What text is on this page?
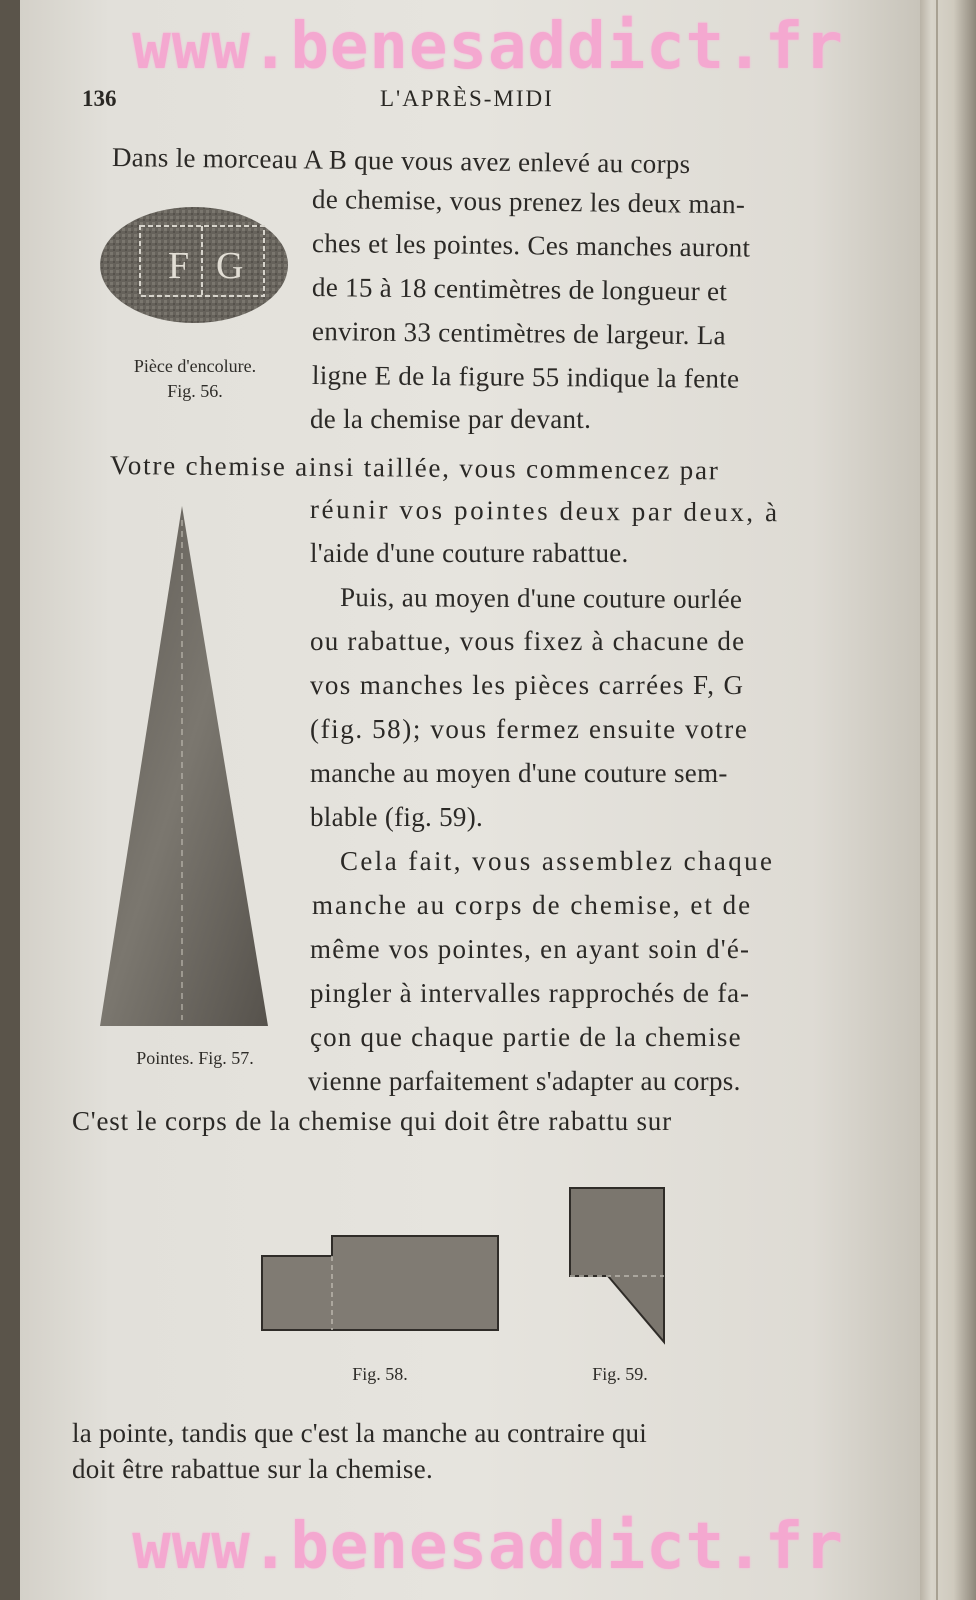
136	L'APRÈS-MIDI
Dans le morceau A B que vous avez enlevé au corps
de chemise, vous prenez les deux man-
ches et les pointes. Ces manches auront
de 15 à 18 centimètres de longueur et
environ 33 centimètres de largeur. La
ligne E de la figure 55 indique la fente
de la chemise par devant.
Votre chemise ainsi taillée, vous commencez par
réunir vos pointes deux par deux, à
l'aide d'une couture rabattue.
Puis, au moyen d'une couture ourlée
ou rabattue, vous fixez à chacune de
vos manches les pièces carrées F, G
(fig. 58); vous fermez ensuite votre
manche au moyen d'une couture sem-
blable (fig. 59).
Cela fait, vous assemblez chaque
manche au corps de chemise, et de
même vos pointes, en ayant soin d'é-
pingler à intervalles rapprochés de fa-
çon que chaque partie de la chemise
vienne parfaitement s'adapter au corps.
C'est le corps de la chemise qui doit être rabattu sur
la pointe, tandis que c'est la manche au contraire qui
doit être rabattue sur la chemise.
F G
Pièce d'encolure.
Fig. 56.
Pointes. Fig. 57.
Fig. 58.	Fig. 59.
www.benesaddict.fr
www.benesaddict.fr
